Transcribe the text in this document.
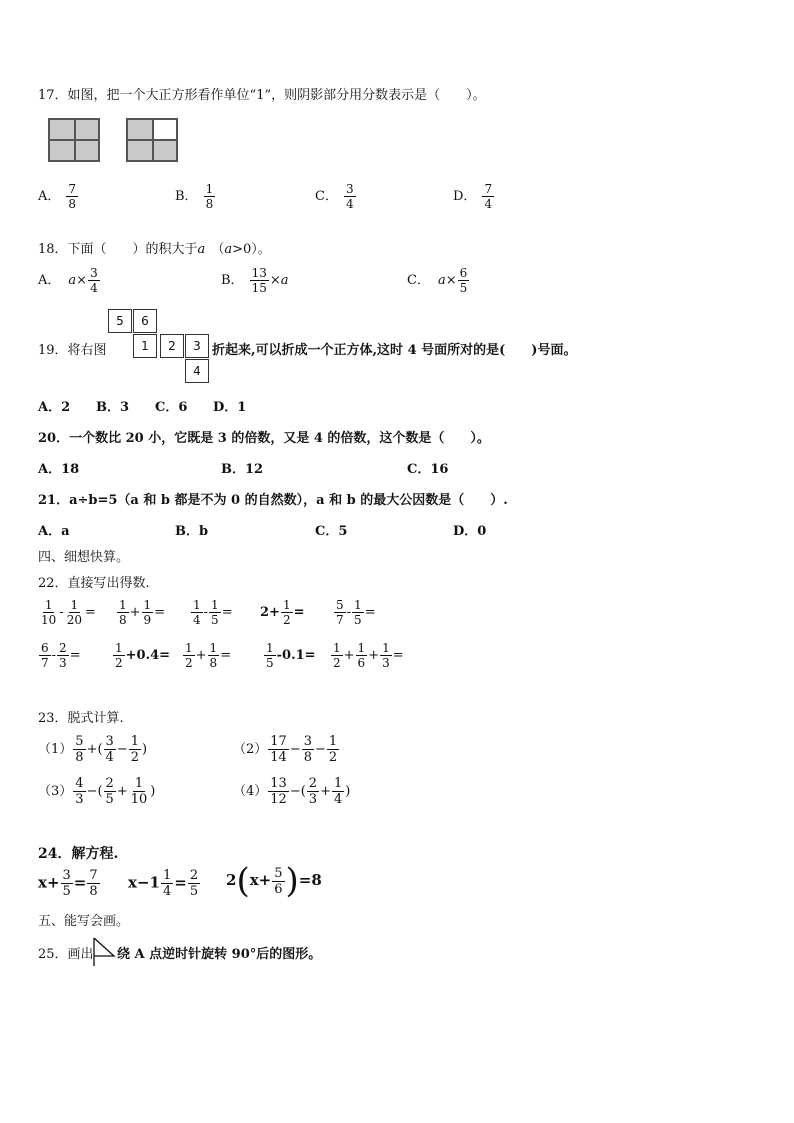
17．如图，把一个大正方形看作单位“1”，则阴影部分用分数表示是（　　）。
A． $\frac{7}{8}$	B． $\frac{1}{8}$	C． $\frac{3}{4}$	D． $\frac{7}{4}$
18．下面（　　）的积大于a （a>0）。
A． $a\times \frac{3}{4}$	B． $\frac{13}{15} \times a$	C． $a\times \frac{6}{5}$
5	6
1	2	3
4
19．将右图	折起来,可以折成一个正方体,这时 4 号面所对的是(　　)号面。
A．2 B．3 C．6 D．1
20．一个数比 20 小，它既是 3 的倍数，又是 4 的倍数，这个数是（　　）。
A．18	B．12	C．16
21．a÷b=5（a 和 b 都是不为 0 的自然数），a 和 b 的最大公因数是（　　）.
A．a	B．b	C．5	D．0
四、细想快算。
22．直接写出得数.
$\frac{1}{10} - \frac{1}{20} = \frac{1}{8} + \frac{1}{9} = \frac{1}{4} - \frac{1}{5} = 2+ \frac{1}{2} = \frac{5}{7} - \frac{1}{5}$ =
$\frac{6}{7} - \frac{2}{3}$ =	$\frac{1}{2} +0.4= \frac{1}{2} + \frac{1}{8}$ =	$\frac{1}{5} -0.1= \frac{1}{2} + \frac{1}{6} + \frac{1}{3}$ =
23．脱式计算.
$(1) \frac{5}{8}$ +( $\frac{3}{4} - \frac{1}{2}$ )	$(2) \frac{17}{14} - \frac{3}{8} - \frac{1}{2}$
$(3) \frac{4}{3}$ −( $\frac{2}{5} + \frac{1}{10}$ )	$(4) \frac{13}{12}$ −( $\frac{2}{3} + \frac{1}{4}$ )
24．解方程.
$x+ \frac{3}{5} = \frac{7}{8} x-1 \frac{1}{4} = \frac{2}{5} 2(x+ \frac{5}{6} )=8$
五、能写会画。
25．画出 绕 A 点逆时针旋转 90°后的图形。
